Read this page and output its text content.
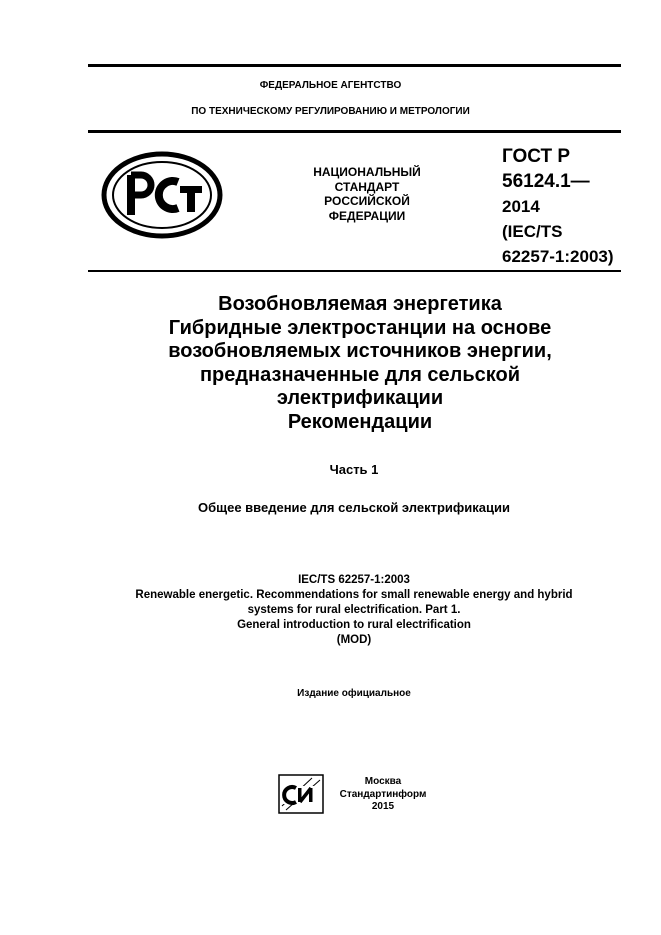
ФЕДЕРАЛЬНОЕ АГЕНТСТВО
ПО ТЕХНИЧЕСКОМУ РЕГУЛИРОВАНИЮ И МЕТРОЛОГИИ
НАЦИОНАЛЬНЫЙ
СТАНДАРТ
РОССИЙСКОЙ
ФЕДЕРАЦИИ
ГОСТ Р
56124.1—
2014
(IEC/TS
62257-1:2003)
Возобновляемая энергетика
Гибридные электростанции на основе
возобновляемых источников энергии,
предназначенные для сельской
электрификации
Рекомендации
Часть 1
Общее введение для сельской электрификации
IEC/TS 62257-1:2003
Renewable energetic. Recommendations for small renewable energy and hybrid
systems for rural electrification. Part 1.
General introduction to rural electrification
(MOD)
Издание официальное
Москва
Стандартинформ
2015
